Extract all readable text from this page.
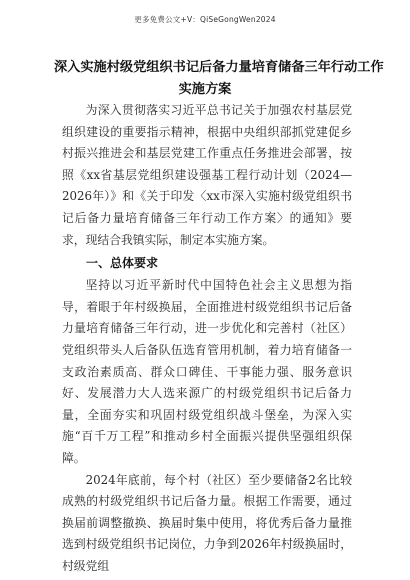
更多免费公文+V：QiSeGongWen2024
深入实施村级党组织书记后备力量培育储备三年行动工作
实施方案

为深入贯彻落实习近平总书记关于加强农村基层党组织建设的重要指示精神，根据中央组织部抓党建促乡村振兴推进会和基层党建工作重点任务推进会部署，按照《xx省基层党组织建设强基工程行动计划（2024—2026年）》和《关于印发〈xx市深入实施村级党组织书记后备力量培育储备三年行动工作方案〉的通知》要求，现结合我镇实际，制定本实施方案。

一、总体要求

坚持以习近平新时代中国特色社会主义思想为指导，着眼于年村级换届，全面推进村级党组织书记后备力量培育储备三年行动，进一步优化和完善村（社区）党组织带头人后备队伍选育管用机制，着力培育储备一支政治素质高、群众口碑佳、干事能力强、服务意识好、发展潜力大人选来源广的村级党组织书记后备力量，全面夯实和巩固村级党组织战斗堡垒，为深入实施“百千万工程”和推动乡村全面振兴提供坚强组织保障。

2024年底前，每个村（社区）至少要储备2名比较成熟的村级党组织书记后备力量。根据工作需要，通过换届前调整撤换、换届时集中使用，将优秀后备力量推选到村级党组织书记岗位，力争到2026年村级换届时，村级党组
